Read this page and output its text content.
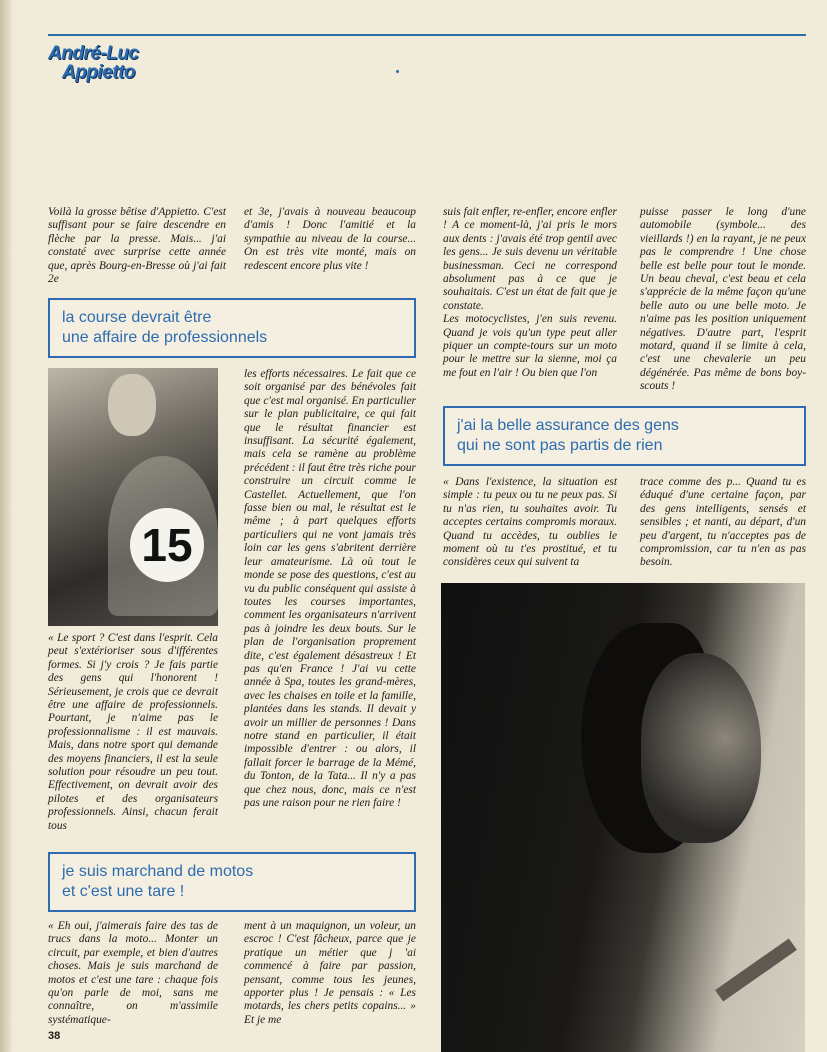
André-Luc
Appietto

Voilà la grosse bêtise d'Appietto. C'est suffisant pour se faire descendre en flèche par la presse. Mais... j'ai constaté avec surprise cette année que, après Bourg-en-Bresse où j'ai fait 2e

et 3e, j'avais à nouveau beaucoup d'amis ! Donc l'amitié et la sympathie au niveau de la course... On est très vite monté, mais on redescent encore plus vite !

suis fait enfler, re-enfler, encore enfler ! A ce moment-là, j'ai pris le mors aux dents : j'avais été trop gentil avec les gens... Je suis devenu un véritable businessman. Ceci ne correspond absolument pas à ce que je souhaitais. C'est un état de fait que je constate.

Les motocyclistes, j'en suis revenu. Quand je vois qu'un type peut aller piquer un compte-tours sur un moto pour le mettre sur la sienne, moi ça me fout en l'air ! Ou bien que l'on

puisse passer le long d'une automobile (symbole... des vieillards !) en la rayant, je ne peux pas le comprendre ! Une chose belle est belle pour tout le monde. Un beau cheval, c'est beau et cela s'apprécie de la même façon qu'une belle auto ou une belle moto. Je n'aime pas les position uniquement négatives. D'autre part, l'esprit motard, quand il se limite à cela, c'est une chevalerie un peu dégénérée. Pas même de bons boy-scouts !

la course devrait être
une affaire de professionnels
15

« Le sport ? C'est dans l'esprit. Cela peut s'extérioriser sous d'ifférentes formes. Si j'y crois ? Je fais partie des gens qui l'honorent ! Sérieusement, je crois que ce devrait être une affaire de professionnels. Pourtant, je n'aime pas le professionnalisme : il est mauvais. Mais, dans notre sport qui demande des moyens financiers, il est la seule solution pour résoudre un peu tout. Effectivement, on devrait avoir des pilotes et des organisateurs professionnels. Ainsi, chacun ferait tous

les efforts nécessaires. Le fait que ce soit organisé par des bénévoles fait que c'est mal organisé. En particulier sur le plan publicitaire, ce qui fait que le résultat financier est insuffisant. La sécurité également, mais cela se ramène au problème précédent : il faut être très riche pour construire un circuit comme le Castellet. Actuellement, que l'on fasse bien ou mal, le résultat est le même ; à part quelques efforts particuliers qui ne vont jamais très loin car les gens s'abritent derrière leur amateurisme. Là où tout le monde se pose des questions, c'est au vu du public conséquent qui assiste à toutes les courses importantes, comment les organisateurs n'arrivent pas à joindre les deux bouts. Sur le plan de l'organisation proprement dite, c'est également désastreux ! Et pas qu'en France ! J'ai vu cette année à Spa, toutes les grand-mères, avec les chaises en toile et la famille, plantées dans les stands. Il devait y avoir un millier de personnes ! Dans notre stand en particulier, il était impossible d'entrer : ou alors, il fallait forcer le barrage de la Mémé, du Tonton, de la Tata... Il n'y a pas que chez nous, donc, mais ce n'est pas une raison pour ne rien faire !

j'ai la belle assurance des gens
qui ne sont pas partis de rien

« Dans l'existence, la situation est simple : tu peux ou tu ne peux pas. Si tu n'as rien, tu souhaites avoir. Tu acceptes certains compromis moraux. Quand tu accèdes, tu oublies le moment où tu t'es prostitué, et tu considères ceux qui suivent ta

trace comme des p... Quand tu es éduqué d'une certaine façon, par des gens intelligents, sensés et sensibles ; et nanti, au départ, d'un peu d'argent, tu n'acceptes pas de compromission, car tu n'en as pas besoin.

je suis marchand de motos
et c'est une tare !

« Eh oui, j'aimerais faire des tas de trucs dans la moto... Monter un circuit, par exemple, et bien d'autres choses. Mais je suis marchand de motos et c'est une tare : chaque fois qu'on parle de moi, sans me connaître, on m'assimile systématique-

ment à un maquignon, un voleur, un escroc ! C'est fâcheux, parce que je pratique un métier que j 'ai commencé à faire par passion, pensant, comme tous les jeunes, apporter plus ! Je pensais : « Les motards, les chers petits copains... » Et je me

38
